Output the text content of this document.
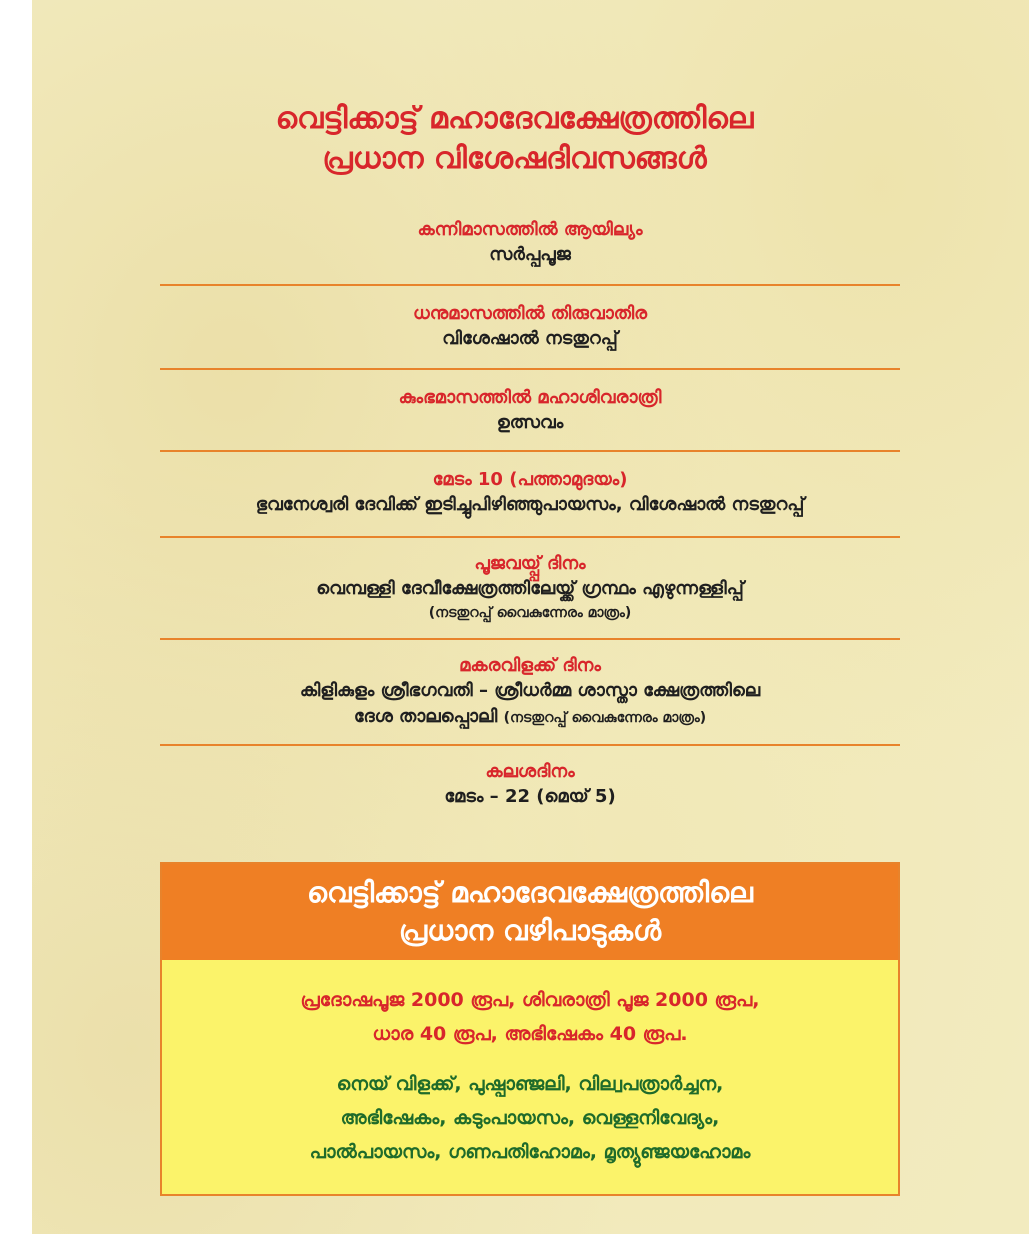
വെട്ടിക്കാട്ട് മഹാദേവക്ഷേത്രത്തിലെ
പ്രധാന വിശേഷദിവസങ്ങൾ
കന്നിമാസത്തിൽ ആയില്യം
സർപ്പപൂജ
ധനുമാസത്തിൽ തിരുവാതിര
വിശേഷാൽ നടതുറപ്പ്
കുംഭമാസത്തിൽ മഹാശിവരാത്രി
ഉത്സവം
മേടം 10 (പത്താമുദയം)
ഭുവനേശ്വരി ദേവിക്ക് ഇടിച്ചുപിഴിഞ്ഞുപായസം, വിശേഷാൽ നടതുറപ്പ്
പൂജവയ്പ്പ് ദിനം
വെമ്പള്ളി ദേവീക്ഷേത്രത്തിലേയ്ക്ക് ഗ്രന്ഥം എഴുന്നള്ളിപ്പ്
(നടതുറപ്പ് വൈകുന്നേരം മാത്രം)
മകരവിളക്ക് ദിനം
കിളികുളം ശ്രീഭഗവതി – ശ്രീധർമ്മ ശാസ്താ ക്ഷേത്രത്തിലെ
ദേശ താലപ്പൊലി (നടതുറപ്പ് വൈകുന്നേരം മാത്രം)
കലശദിനം
മേടം – 22 (മെയ് 5)
വെട്ടിക്കാട്ട് മഹാദേവക്ഷേത്രത്തിലെ
പ്രധാന വഴിപാടുകൾ
പ്രദോഷപൂജ 2000 രൂപ, ശിവരാത്രി പൂജ 2000 രൂപ,
ധാര 40 രൂപ, അഭിഷേകം 40 രൂപ.
നെയ് വിളക്ക്, പുഷ്പാഞ്ജലി, വില്വപത്രാർച്ചന,
അഭിഷേകം, കടുംപായസം, വെള്ളനിവേദ്യം,
പാൽപായസം, ഗണപതിഹോമം, മൃത്യുഞ്ജയഹോമം
